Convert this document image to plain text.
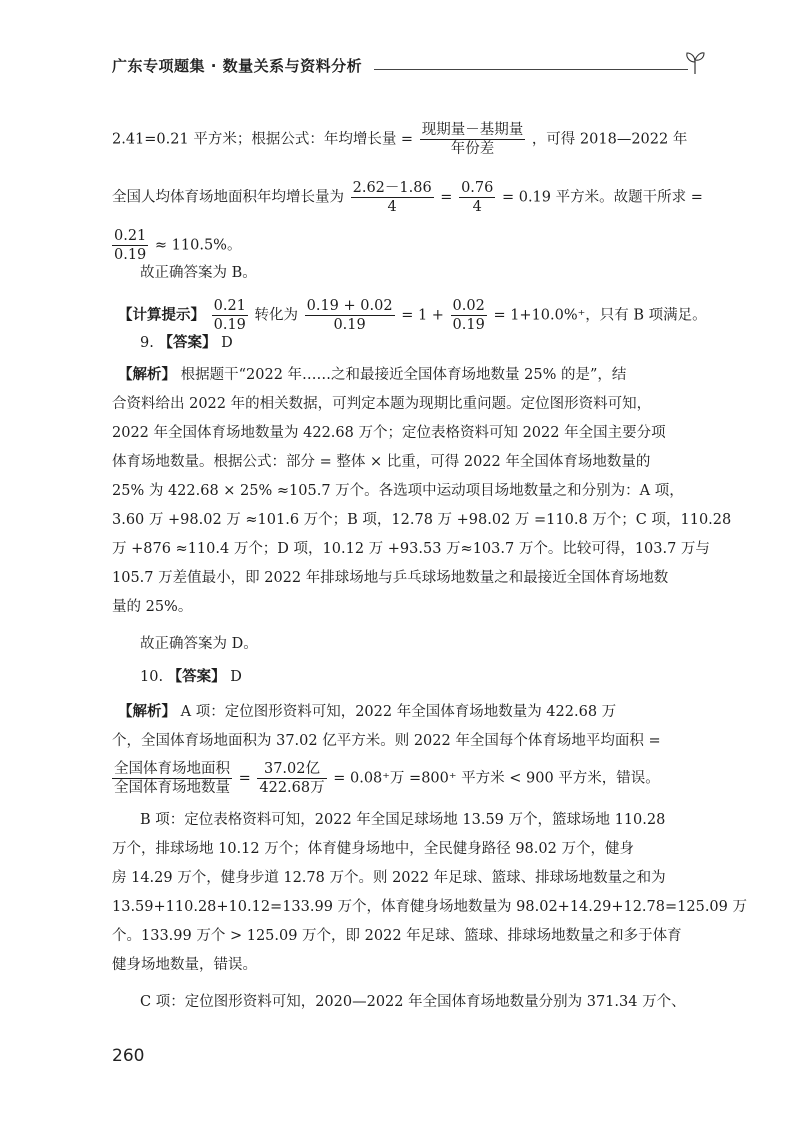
广东专项题集 · 数量关系与资料分析
2.41=0.21 平方米；根据公式：年均增长量 = $\frac{\text{现期量－基期量}}{\text{年份差}}$ ，可得 2018—2022 年
全国人均体育场地面积年均增长量为 $\frac{2.62-1.86}{4} = \frac{0.76}{4} = 0.19$ 平方米。故题干所求 =
$\frac{0.21}{0.19} \approx 110.5\%$。
故正确答案为 B。
【计算提示】 $\frac{0.21}{0.19}$ 转化为 $\frac{0.19 + 0.02}{0.19} = 1 + \frac{0.02}{0.19} = 1+10.0\%^+$，只有 B 项满足。
9. 【答案】 D
【解析】 根据题干“2022 年……之和最接近全国体育场地数量 25% 的是”，结
合资料给出 2022 年的相关数据，可判定本题为现期比重问题。定位图形资料可知，
2022 年全国体育场地数量为 422.68 万个；定位表格资料可知 2022 年全国主要分项
体育场地数量。根据公式：部分 = 整体 × 比重，可得 2022 年全国体育场地数量的
25% 为 422.68 × 25% ≈105.7 万个。各选项中运动项目场地数量之和分别为：A 项，
3.60 万 +98.02 万 ≈101.6 万个；B 项，12.78 万 +98.02 万 =110.8 万个；C 项，110.28
万 +876 ≈110.4 万个；D 项，10.12 万 +93.53 万≈103.7 万个。比较可得，103.7 万与
105.7 万差值最小，即 2022 年排球场地与乒乓球场地数量之和最接近全国体育场地数
量的 25%。
故正确答案为 D。
10. 【答案】 D
【解析】 A 项：定位图形资料可知，2022 年全国体育场地数量为 422.68 万
个，全国体育场地面积为 37.02 亿平方米。则 2022 年全国每个体育场地平均面积 =
$\frac{\text{全国体育场地面积}}{\text{全国体育场地数量}} = \frac{\text{37.02亿}}{\text{422.68万}} = 0.08^+$万 =800⁺ 平方米 < 900 平方米，错误。
B 项：定位表格资料可知，2022 年全国足球场地 13.59 万个，篮球场地 110.28
万个，排球场地 10.12 万个；体育健身场地中，全民健身路径 98.02 万个，健身
房 14.29 万个，健身步道 12.78 万个。则 2022 年足球、篮球、排球场地数量之和为
13.59+110.28+10.12=133.99 万个，体育健身场地数量为 98.02+14.29+12.78=125.09 万
个。133.99 万个 > 125.09 万个，即 2022 年足球、篮球、排球场地数量之和多于体育
健身场地数量，错误。
C 项：定位图形资料可知，2020—2022 年全国体育场地数量分别为 371.34 万个、
260
